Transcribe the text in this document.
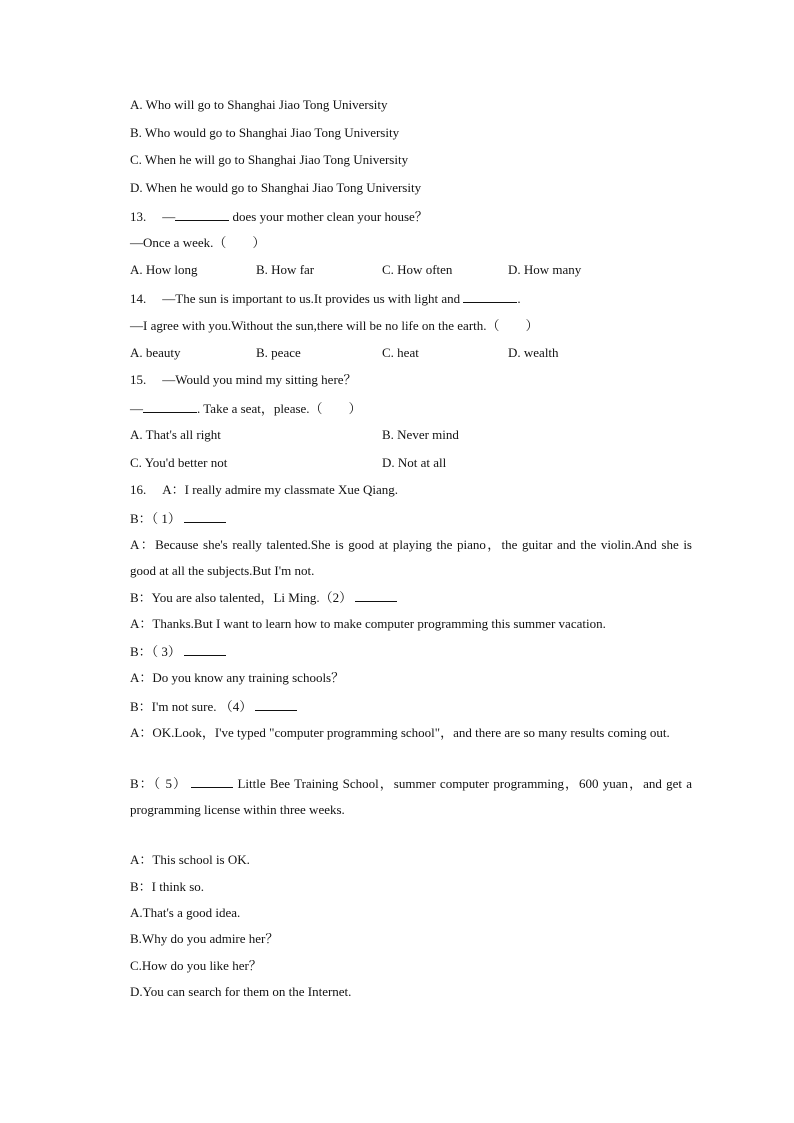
A. Who will go to Shanghai Jiao Tong University
B. Who would go to Shanghai Jiao Tong University
C. When he will go to Shanghai Jiao Tong University
D. When he would go to Shanghai Jiao Tong University
13. —	does your mother clean your house？
—Once a week.（　　）
A. How long	B. How far	C. How often	D. How many
14. —The sun is important to us.It provides us with light and	.
—I agree with you.Without the sun,there will be no life on the earth.（　　）
A. beauty	B. peace	C. heat	D. wealth
15. —Would you mind my sitting here？
—	. Take a seat，please.（　　）
A. That's all right	B. Never mind
C. You'd better not	D. Not at all
16. A：I really admire my classmate Xue Qiang.
B：（ 1）
A：Because she's really talented.She is good at playing the piano，the guitar and the violin.And she is good at all the subjects.But I'm not.
B：You are also talented，Li Ming.（2）
A：Thanks.But I want to learn how to make computer programming this summer vacation.
B：（ 3）
A：Do you know any training schools？
B：I'm not sure. （4）
A：OK.Look，I've typed "computer programming school"，and there are so many results coming out.
B：（ 5）	Little Bee Training School，summer computer programming，600 yuan，and get a programming license within three weeks.
A：This school is OK.
B：I think so.
A.That's a good idea.
B.Why do you admire her？
C.How do you like her？
D.You can search for them on the Internet.
